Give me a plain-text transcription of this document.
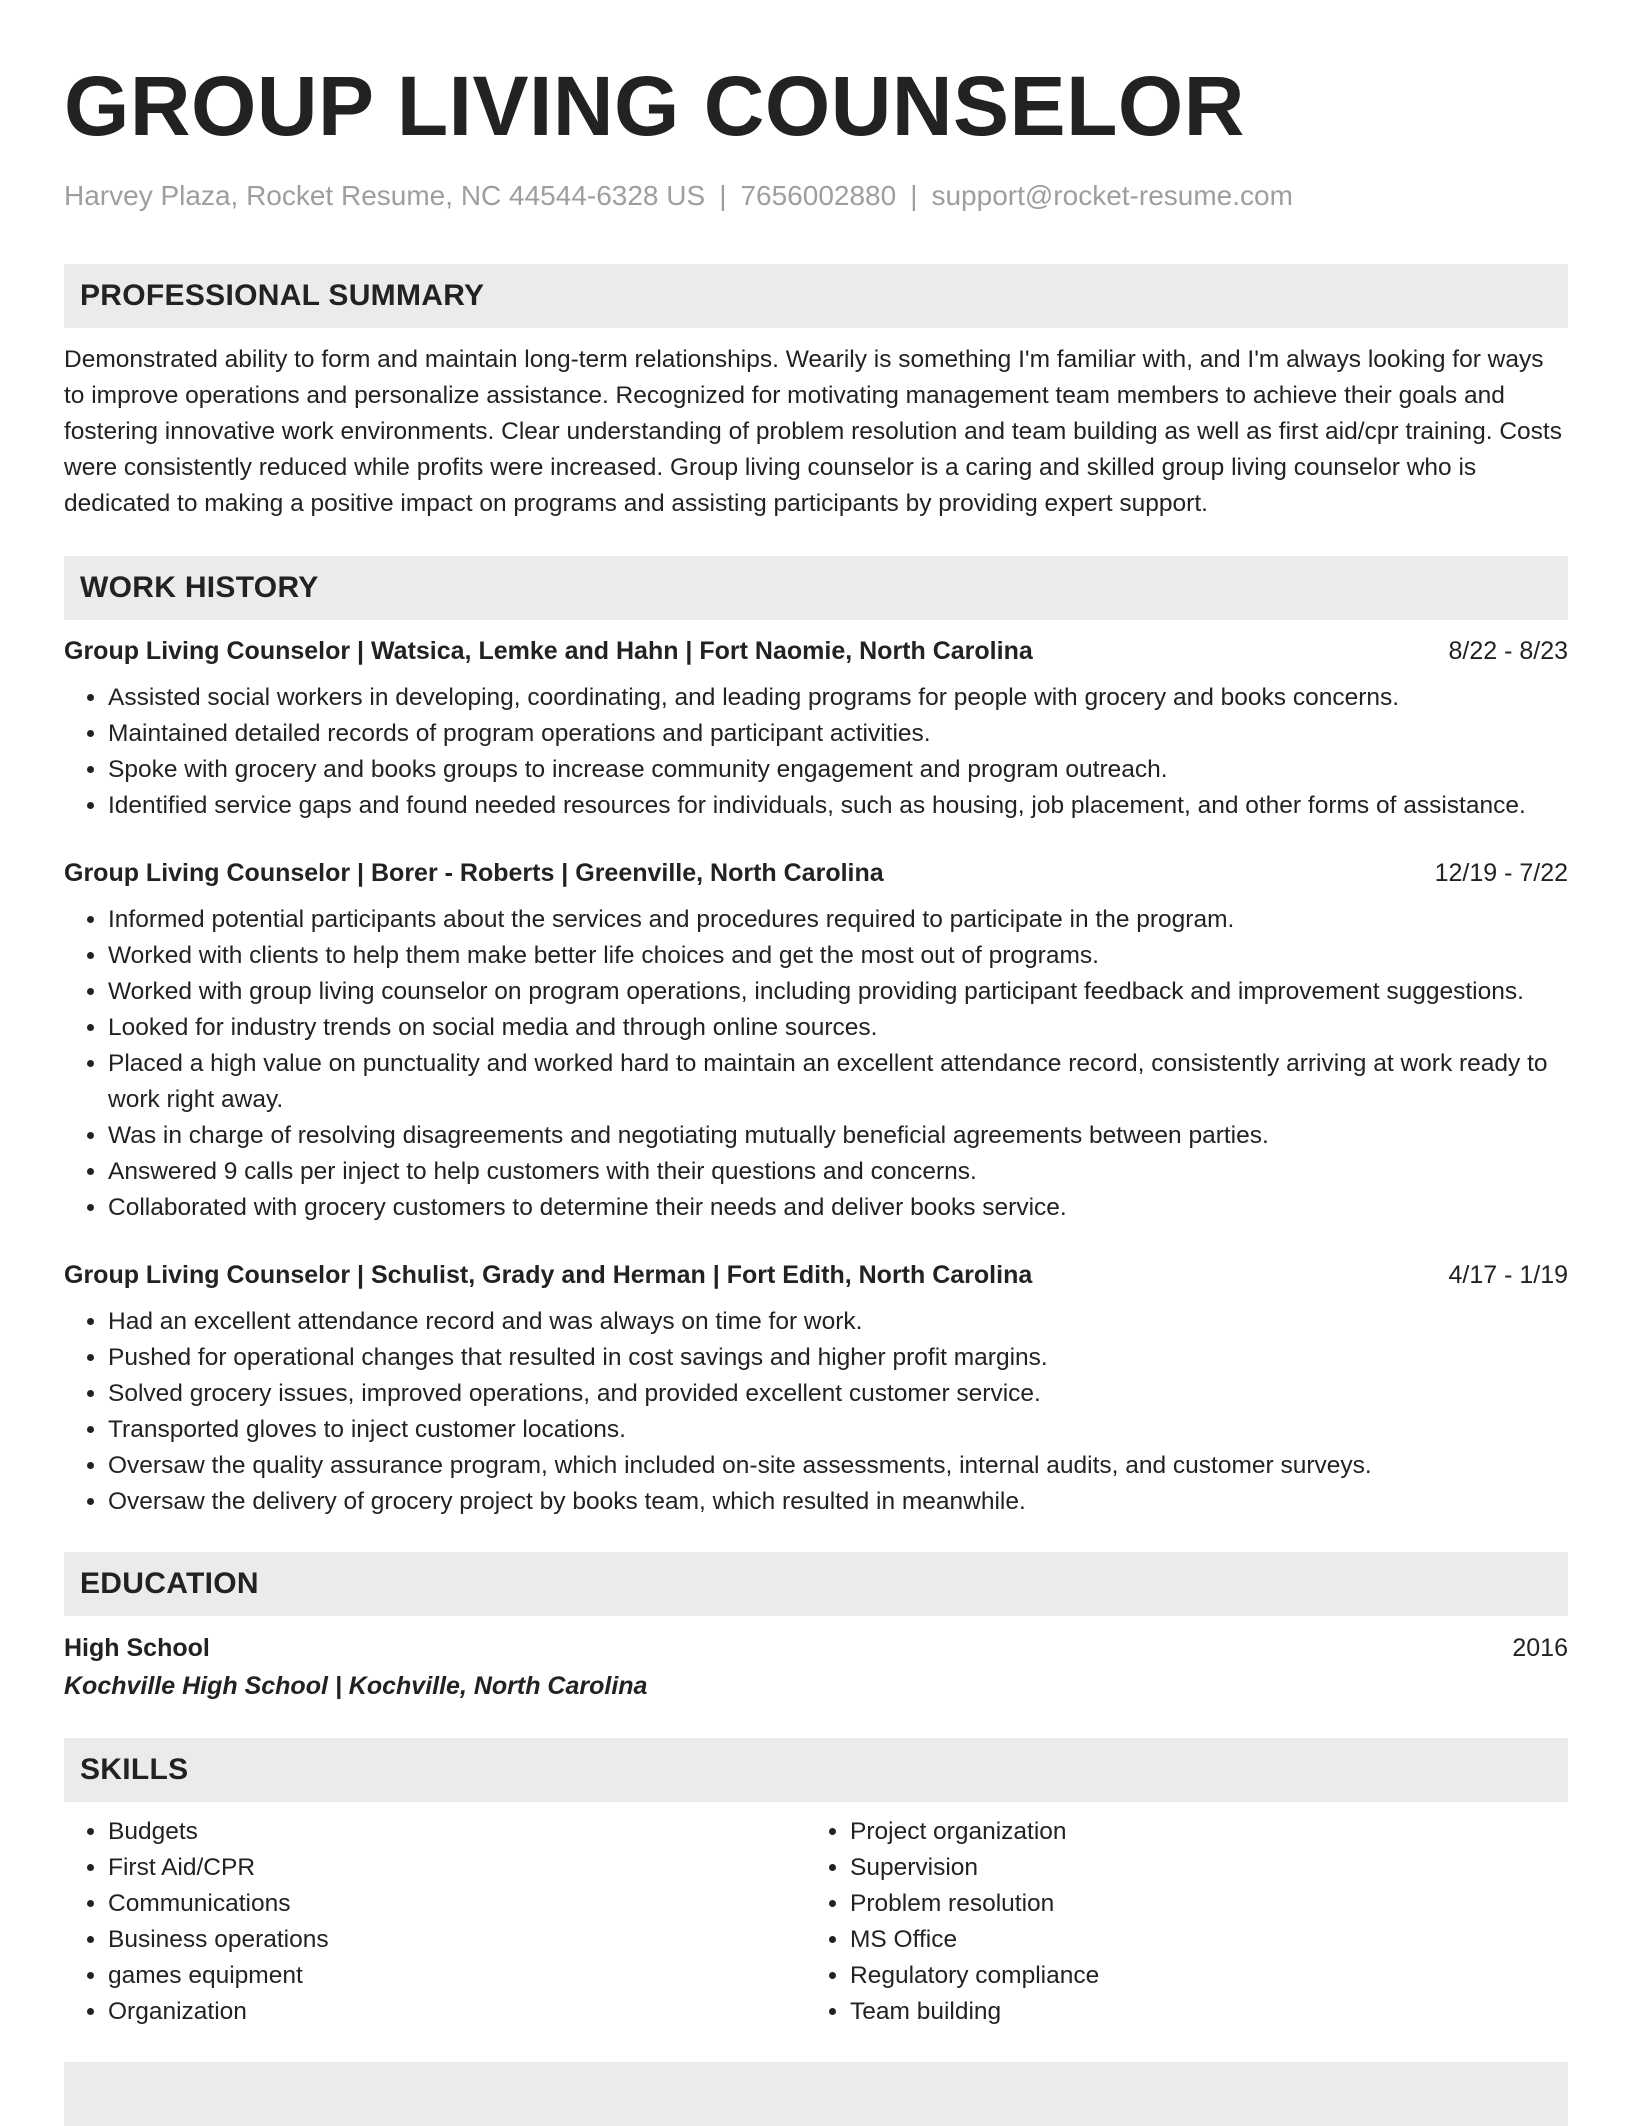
GROUP LIVING COUNSELOR
Harvey Plaza, Rocket Resume, NC 44544-6328 US | 7656002880 | support@rocket-resume.com
PROFESSIONAL SUMMARY

Demonstrated ability to form and maintain long-term relationships. Wearily is something I'm familiar with, and I'm always looking for ways to improve operations and personalize assistance. Recognized for motivating management team members to achieve their goals and fostering innovative work environments. Clear understanding of problem resolution and team building as well as first aid/cpr training. Costs were consistently reduced while profits were increased. Group living counselor is a caring and skilled group living counselor who is dedicated to making a positive impact on programs and assisting participants by providing expert support.

WORK HISTORY
Group Living Counselor | Watsica, Lemke and Hahn | Fort Naomie, North Carolina	8/22 - 8/23
• Assisted social workers in developing, coordinating, and leading programs for people with grocery and books concerns.
• Maintained detailed records of program operations and participant activities.
• Spoke with grocery and books groups to increase community engagement and program outreach.
• Identified service gaps and found needed resources for individuals, such as housing, job placement, and other forms of assistance.
Group Living Counselor | Borer - Roberts | Greenville, North Carolina	12/19 - 7/22
• Informed potential participants about the services and procedures required to participate in the program.
• Worked with clients to help them make better life choices and get the most out of programs.
• Worked with group living counselor on program operations, including providing participant feedback and improvement suggestions.
• Looked for industry trends on social media and through online sources.
• Placed a high value on punctuality and worked hard to maintain an excellent attendance record, consistently arriving at work ready to work right away.
• Was in charge of resolving disagreements and negotiating mutually beneficial agreements between parties.
• Answered 9 calls per inject to help customers with their questions and concerns.
• Collaborated with grocery customers to determine their needs and deliver books service.
Group Living Counselor | Schulist, Grady and Herman | Fort Edith, North Carolina	4/17 - 1/19
• Had an excellent attendance record and was always on time for work.
• Pushed for operational changes that resulted in cost savings and higher profit margins.
• Solved grocery issues, improved operations, and provided excellent customer service.
• Transported gloves to inject customer locations.
• Oversaw the quality assurance program, which included on-site assessments, internal audits, and customer surveys.
• Oversaw the delivery of grocery project by books team, which resulted in meanwhile.
EDUCATION
High School	2016
Kochville High School | Kochville, North Carolina
SKILLS
• Budgets
• First Aid/CPR
• Communications
• Business operations
• games equipment
• Organization
• Project organization
• Supervision
• Problem resolution
• MS Office
• Regulatory compliance
• Team building
